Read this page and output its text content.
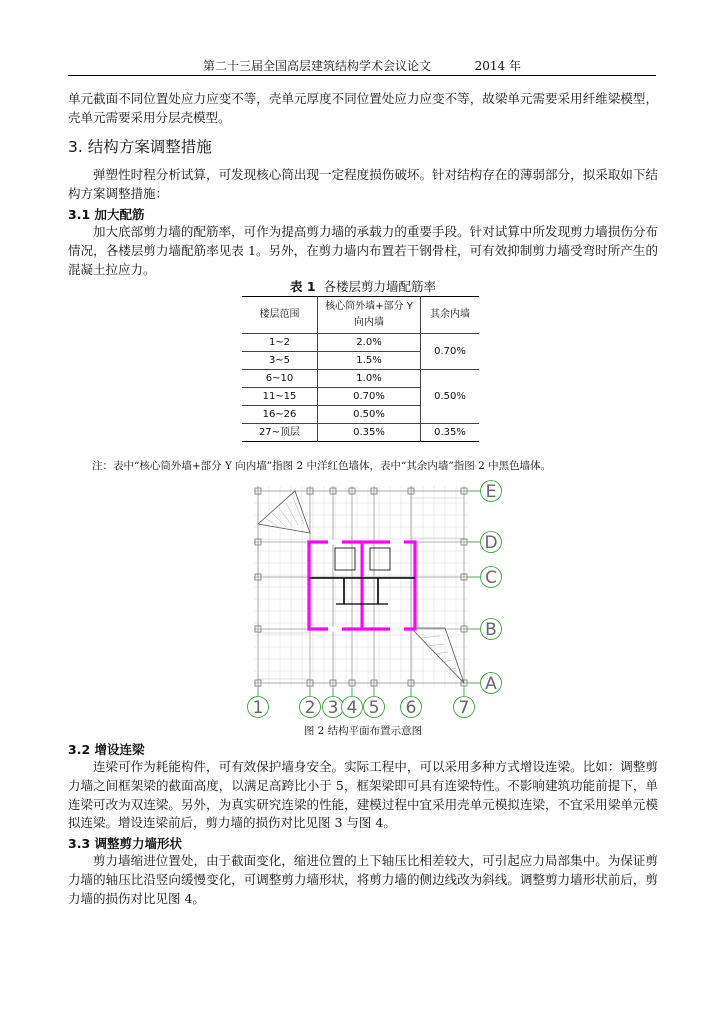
第二十三届全国高层建筑结构学术会议论文	2014 年
单元截面不同位置处应力应变不等，壳单元厚度不同位置处应力应变不等，故梁单元需要采用纤维梁模型，壳单元需要采用分层壳模型。
3. 结构方案调整措施
弹塑性时程分析试算，可发现核心筒出现一定程度损伤破坏。针对结构存在的薄弱部分，拟采取如下结构方案调整措施：
3.1 加大配筋
加大底部剪力墙的配筋率，可作为提高剪力墙的承载力的重要手段。针对试算中所发现剪力墙损伤分布情况，各楼层剪力墙配筋率见表 1。另外，在剪力墙内布置若干钢骨柱，可有效抑制剪力墙受弯时所产生的混凝土拉应力。
表 1 各楼层剪力墙配筋率
楼层范围	核心筒外墙+部分 Y 向内墙	其余内墙
1~2	2.0%	0.70%
3~5	1.5%	
6~10	1.0%	0.50%
11~15	0.70%	
16~26	0.50%	
27~顶层	0.35%	0.35%
注：表中“核心筒外墙+部分 Y 向内墙”指图 2 中洋红色墙体，表中“其余内墙”指图 2 中黑色墙体。
E
D
C
B
A
1 2 3 4 5 6 7
图 2 结构平面布置示意图
3.2 增设连梁
连梁可作为耗能构件，可有效保护墙身安全。实际工程中，可以采用多种方式增设连梁。比如：调整剪力墙之间框架梁的截面高度，以满足高跨比小于 5，框架梁即可具有连梁特性。不影响建筑功能前提下，单连梁可改为双连梁。另外，为真实研究连梁的性能，建模过程中宜采用壳单元模拟连梁，不宜采用梁单元模拟连梁。增设连梁前后，剪力墙的损伤对比见图 3 与图 4。
3.3 调整剪力墙形状
剪力墙缩进位置处，由于截面变化，缩进位置的上下轴压比相差较大，可引起应力局部集中。为保证剪力墙的轴压比沿竖向缓慢变化，可调整剪力墙形状，将剪力墙的侧边线改为斜线。调整剪力墙形状前后，剪力墙的损伤对比见图 4。
